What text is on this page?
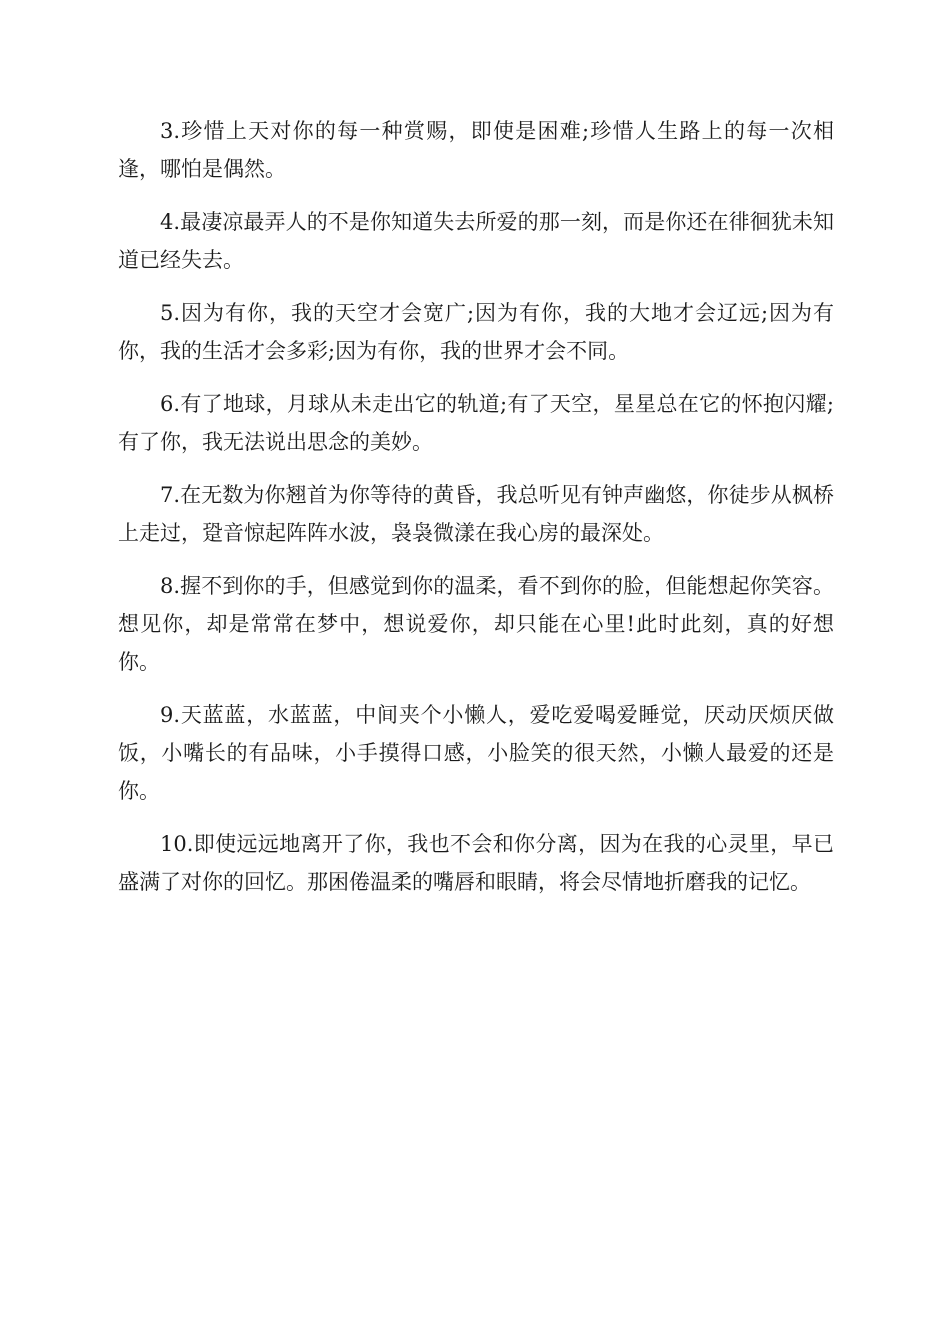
3.珍惜上天对你的每一种赏赐，即使是困难;珍惜人生路上的每一次相逢，哪怕是偶然。

4.最凄凉最弄人的不是你知道失去所爱的那一刻，而是你还在徘徊犹未知道已经失去。

5.因为有你，我的天空才会宽广;因为有你，我的大地才会辽远;因为有你，我的生活才会多彩;因为有你，我的世界才会不同。

6.有了地球，月球从未走出它的轨道;有了天空，星星总在它的怀抱闪耀;有了你，我无法说出思念的美妙。

7.在无数为你翘首为你等待的黄昏，我总听见有钟声幽悠，你徒步从枫桥上走过，跫音惊起阵阵水波，袅袅微漾在我心房的最深处。

8.握不到你的手，但感觉到你的温柔，看不到你的脸，但能想起你笑容。想见你，却是常常在梦中，想说爱你，却只能在心里!此时此刻，真的好想你。

9.天蓝蓝，水蓝蓝，中间夹个小懒人，爱吃爱喝爱睡觉，厌动厌烦厌做饭，小嘴长的有品味，小手摸得口感，小脸笑的很天然，小懒人最爱的还是你。

10.即使远远地离开了你，我也不会和你分离，因为在我的心灵里，早已盛满了对你的回忆。那困倦温柔的嘴唇和眼睛，将会尽情地折磨我的记忆。
